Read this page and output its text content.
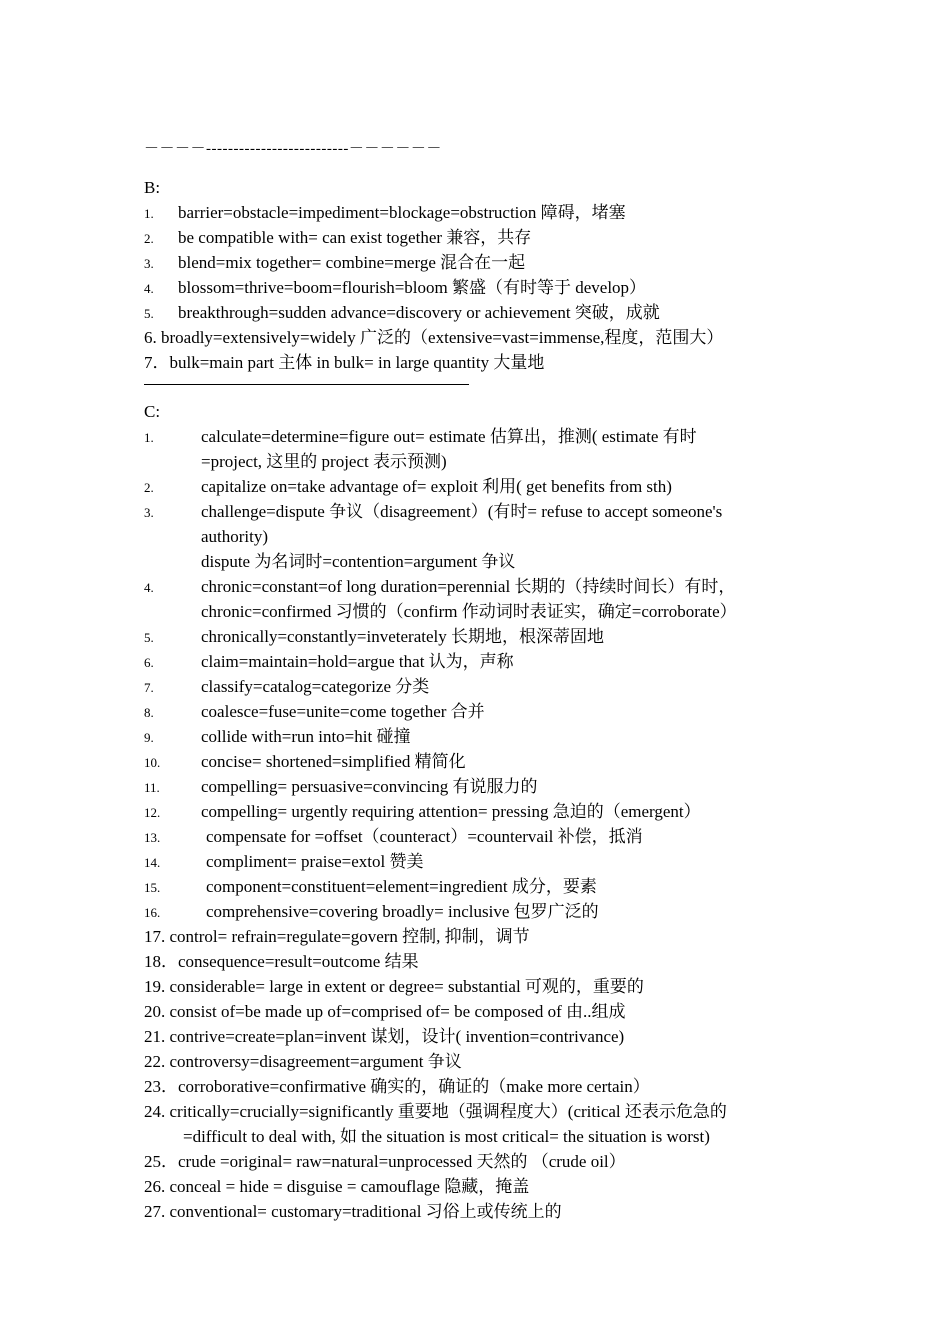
－－－－--------------------------－－－－－－
B:
1. barrier=obstacle=impediment=blockage=obstruction 障碍，堵塞
2. be compatible with= can exist together 兼容，共存
3. blend=mix together= combine=merge 混合在一起
4. blossom=thrive=boom=flourish=bloom 繁盛（有时等于 develop）
5. breakthrough=sudden advance=discovery or achievement 突破，成就
6. broadly=extensively=widely 广泛的（extensive=vast=immense,程度，范围大）
7．bulk=main part 主体 in bulk= in large quantity 大量地
C:
1.	calculate=determine=figure out= estimate 估算出，推测( estimate 有时
=project, 这里的 project 表示预测)
2.	capitalize on=take advantage of= exploit 利用( get benefits from sth)
3.	challenge=dispute 争议（disagreement）(有时= refuse to accept someone's
authority)
dispute 为名词时=contention=argument 争议
4.	chronic=constant=of long duration=perennial 长期的（持续时间长）有时，
chronic=confirmed 习惯的（confirm 作动词时表证实，确定=corroborate）
5.	chronically=constantly=inveterately 长期地，根深蒂固地
6.	claim=maintain=hold=argue that 认为，声称
7.	classify=catalog=categorize 分类
8.	coalesce=fuse=unite=come together 合并
9.	collide with=run into=hit 碰撞
10. concise= shortened=simplified 精简化
11. compelling= persuasive=convincing 有说服力的
12. compelling= urgently requiring attention= pressing 急迫的（emergent）
13.	compensate for =offset（counteract）=countervail 补偿，抵消
14.	compliment= praise=extol 赞美
15.	component=constituent=element=ingredient 成分，要素
16.	comprehensive=covering broadly= inclusive 包罗广泛的
17. control= refrain=regulate=govern 控制, 抑制，调节
18．consequence=result=outcome 结果
19. considerable= large in extent or degree= substantial 可观的，重要的
20. consist of=be made up of=comprised of= be composed of 由..组成
21. contrive=create=plan=invent 谋划，设计( invention=contrivance)
22. controversy=disagreement=argument 争议
23．corroborative=confirmative 确实的，确证的（make more certain）
24. critically=crucially=significantly 重要地（强调程度大）(critical 还表示危急的
=difficult to deal with, 如 the situation is most critical= the situation is worst)
25．crude =original= raw=natural=unprocessed 天然的 （crude oil）
26. conceal = hide = disguise = camouflage 隐藏，掩盖
27. conventional= customary=traditional 习俗上或传统上的
